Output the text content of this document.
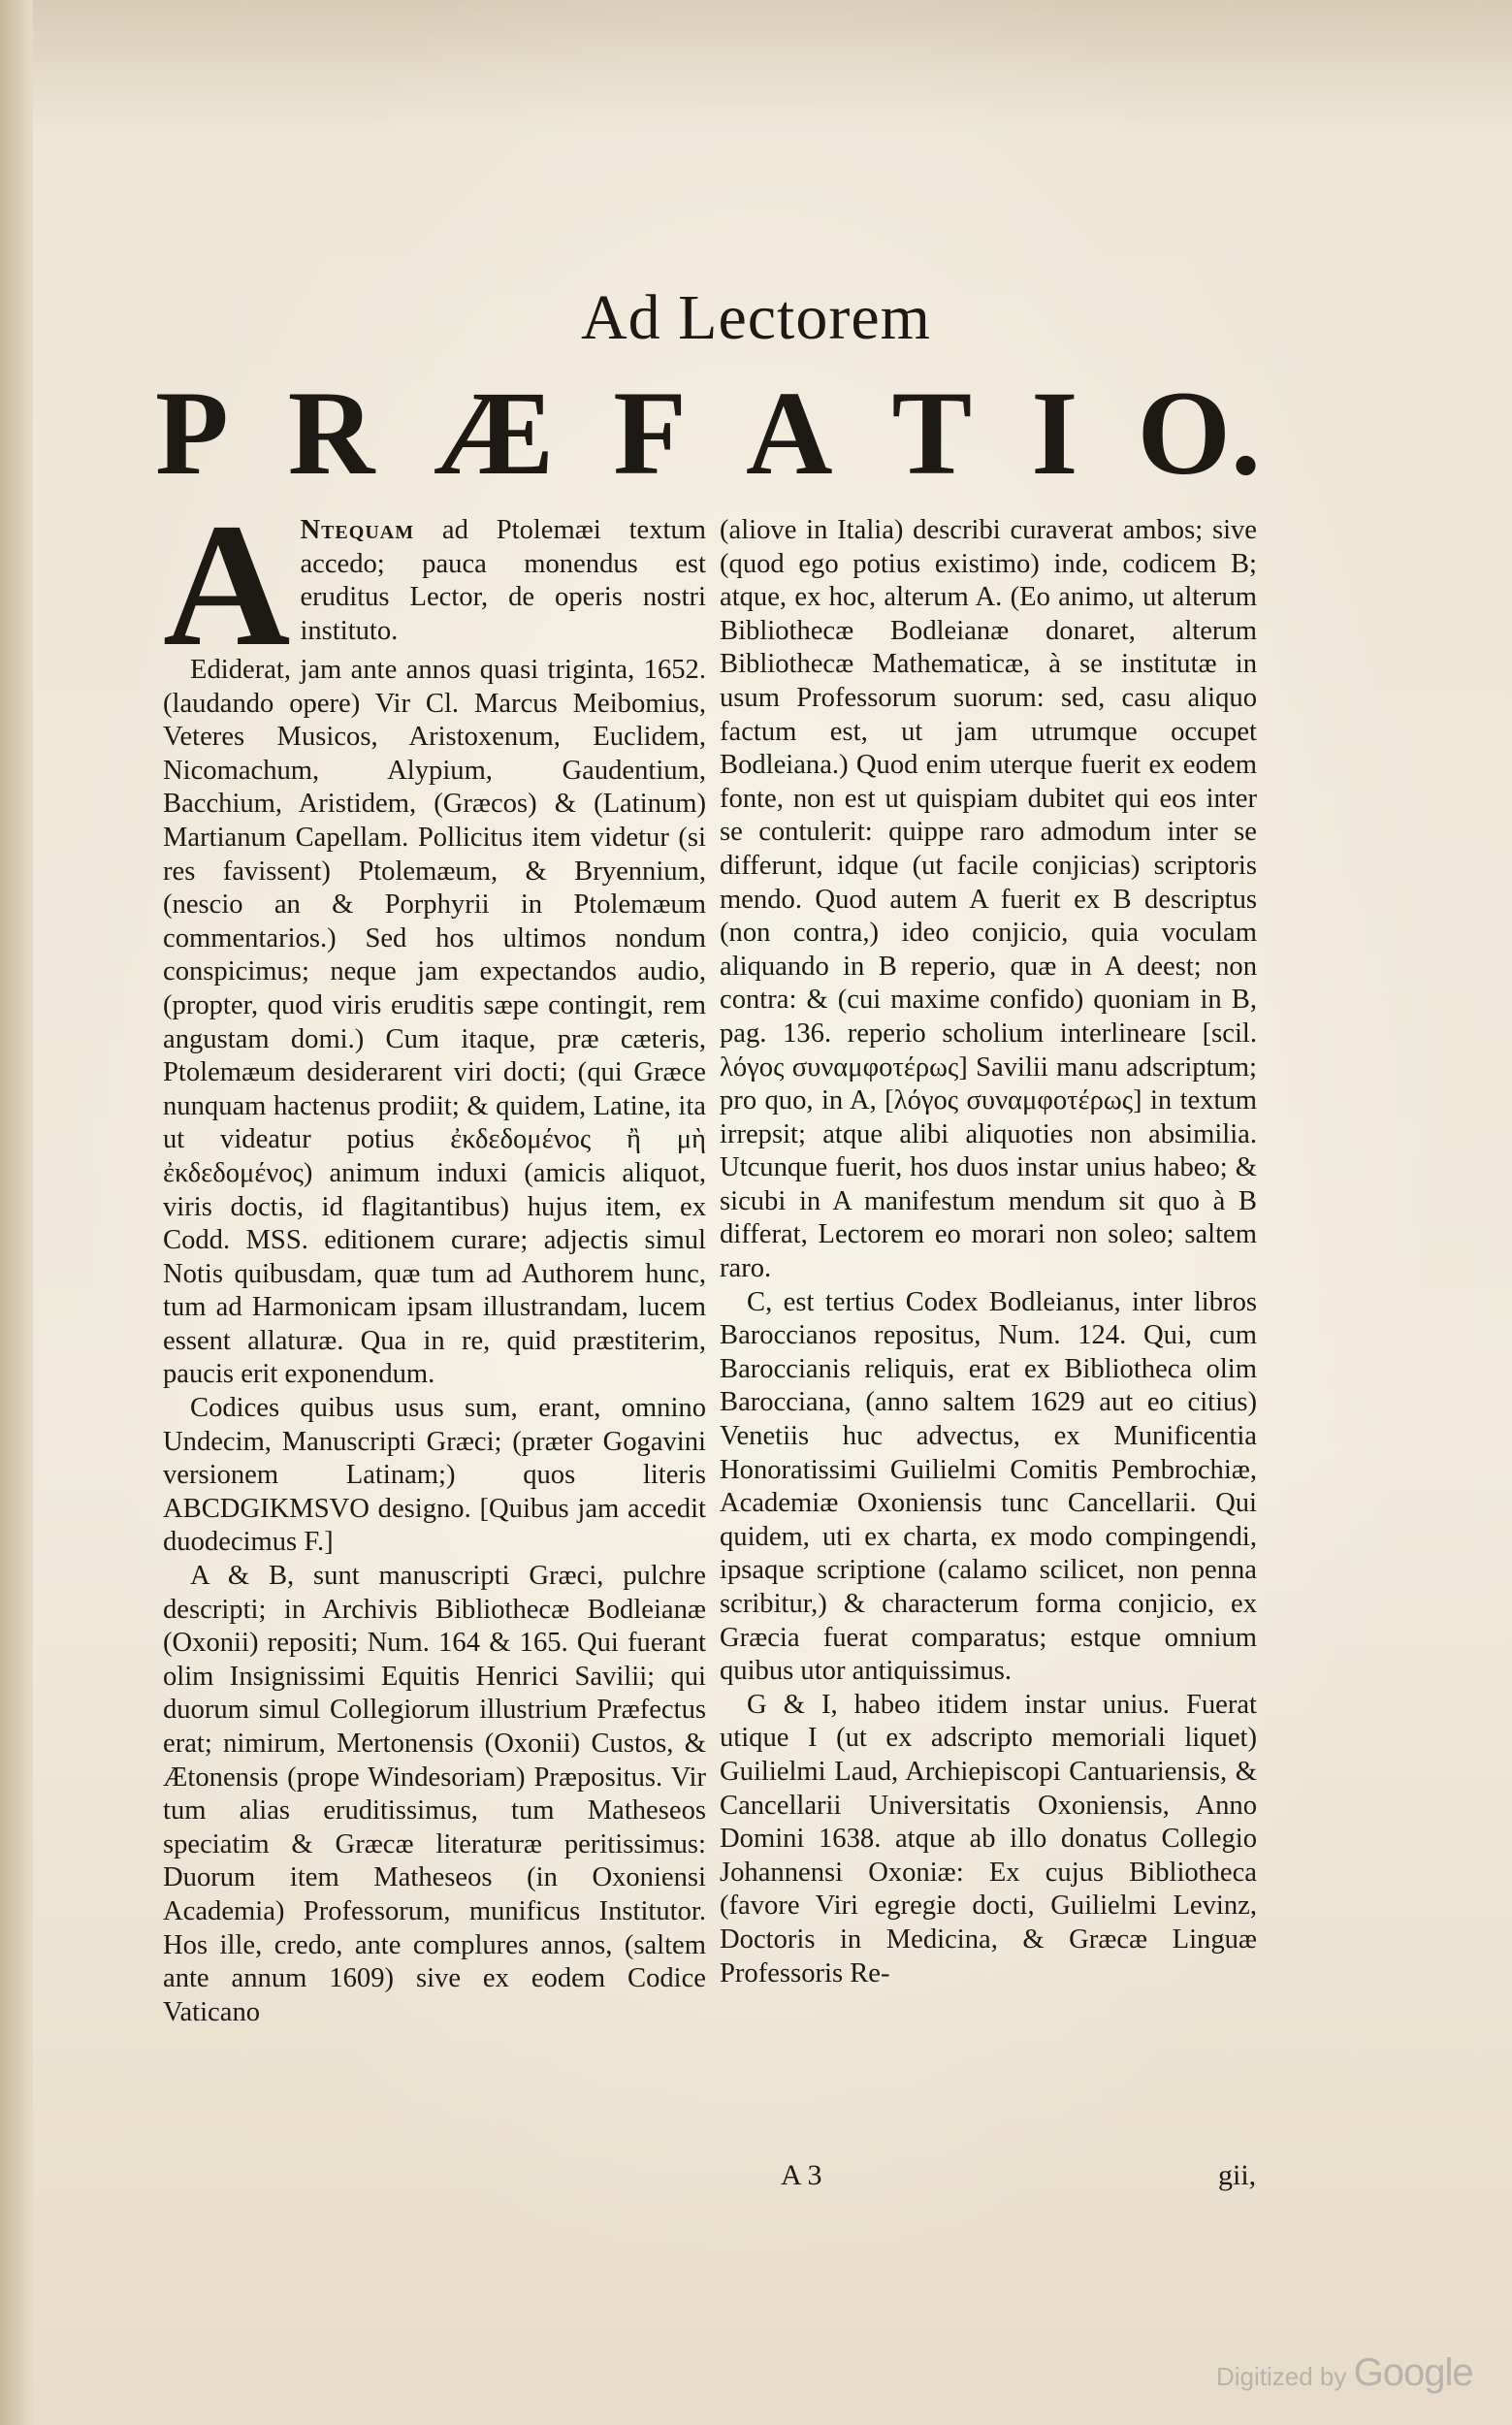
Ad Lectorem
P R Æ F A T I O.

A Ntequam ad Ptolemæi textum accedo; pauca monendus est eruditus Lector, de operis nostri instituto.

Ediderat, jam ante annos quasi triginta, 1652. (laudando opere) Vir Cl. Marcus Meibomius, Veteres Musicos, Aristoxenum, Euclidem, Nicomachum, Alypium, Gaudentium, Bacchium, Aristidem, (Græcos) & (Latinum) Martianum Capellam. Pollicitus item videtur (si res favissent) Ptolemæum, & Bryennium, (nescio an & Porphyrii in Ptolemæum commentarios.) Sed hos ultimos nondum conspicimus; neque jam expectandos audio, (propter, quod viris eruditis sæpe contingit, rem angustam domi.) Cum itaque, præ cæteris, Ptolemæum desiderarent viri docti; (qui Græce nunquam hactenus prodiit; & quidem, Latine, ita ut videatur potius ἐκδεδομένος ἢ μὴ ἐκδεδομένος) animum induxi (amicis aliquot, viris doctis, id flagitantibus) hujus item, ex Codd. MSS. editionem curare; adjectis simul Notis quibusdam, quæ tum ad Authorem hunc, tum ad Harmonicam ipsam illustrandam, lucem essent allaturæ. Qua in re, quid præstiterim, paucis erit exponendum.

Codices quibus usus sum, erant, omnino Undecim, Manuscripti Græci; (præter Gogavini versionem Latinam;) quos literis ABCDGIKMSVO designo. [Quibus jam accedit duodecimus F.]

A & B, sunt manuscripti Græci, pulchre descripti; in Archivis Bibliothecæ Bodleianæ (Oxonii) repositi; Num. 164 & 165. Qui fuerant olim Insignissimi Equitis Henrici Savilii; qui duorum simul Collegiorum illustrium Præfectus erat; nimirum, Mertonensis (Oxonii) Custos, & Ætonensis (prope Windesoriam) Præpositus. Vir tum alias eruditissimus, tum Matheseos speciatim & Græcæ literaturæ peritissimus: Duorum item Matheseos (in Oxoniensi Academia) Professorum, munificus Institutor. Hos ille, credo, ante complures annos, (saltem ante annum 1609) sive ex eodem Codice Vaticano

(aliove in Italia) describi curaverat ambos; sive (quod ego potius existimo) inde, codicem B; atque, ex hoc, alterum A. (Eo animo, ut alterum Bibliothecæ Bodleianæ donaret, alterum Bibliothecæ Mathematicæ, à se institutæ in usum Professorum suorum: sed, casu aliquo factum est, ut jam utrumque occupet Bodleiana.) Quod enim uterque fuerit ex eodem fonte, non est ut quispiam dubitet qui eos inter se contulerit: quippe raro admodum inter se differunt, idque (ut facile conjicias) scriptoris mendo. Quod autem A fuerit ex B descriptus (non contra,) ideo conjicio, quia voculam aliquando in B reperio, quæ in A deest; non contra: & (cui maxime confido) quoniam in B, pag. 136. reperio scholium interlineare [scil. λόγος συναμφοτέρως] Savilii manu adscriptum; pro quo, in A, [λόγος συναμφοτέρως] in textum irrepsit; atque alibi aliquoties non absimilia. Utcunque fuerit, hos duos instar unius habeo; & sicubi in A manifestum mendum sit quo à B differat, Lectorem eo morari non soleo; saltem raro.

C, est tertius Codex Bodleianus, inter libros Baroccianos repositus, Num. 124. Qui, cum Baroccianis reliquis, erat ex Bibliotheca olim Barocciana, (anno saltem 1629 aut eo citius) Venetiis huc advectus, ex Munificentia Honoratissimi Guilielmi Comitis Pembrochiæ, Academiæ Oxoniensis tunc Cancellarii. Qui quidem, uti ex charta, ex modo compingendi, ipsaque scriptione (calamo scilicet, non penna scribitur,) & characterum forma conjicio, ex Græcia fuerat comparatus; estque omnium quibus utor antiquissimus.

G & I, habeo itidem instar unius. Fuerat utique I (ut ex adscripto memoriali liquet) Guilielmi Laud, Archiepiscopi Cantuariensis, & Cancellarii Universitatis Oxoniensis, Anno Domini 1638. atque ab illo donatus Collegio Johannensi Oxoniæ: Ex cujus Bibliotheca (favore Viri egregie docti, Guilielmi Levinz, Doctoris in Medicina, & Græcæ Linguæ Professoris Re-

A 3	gii,
Digitized by Google
